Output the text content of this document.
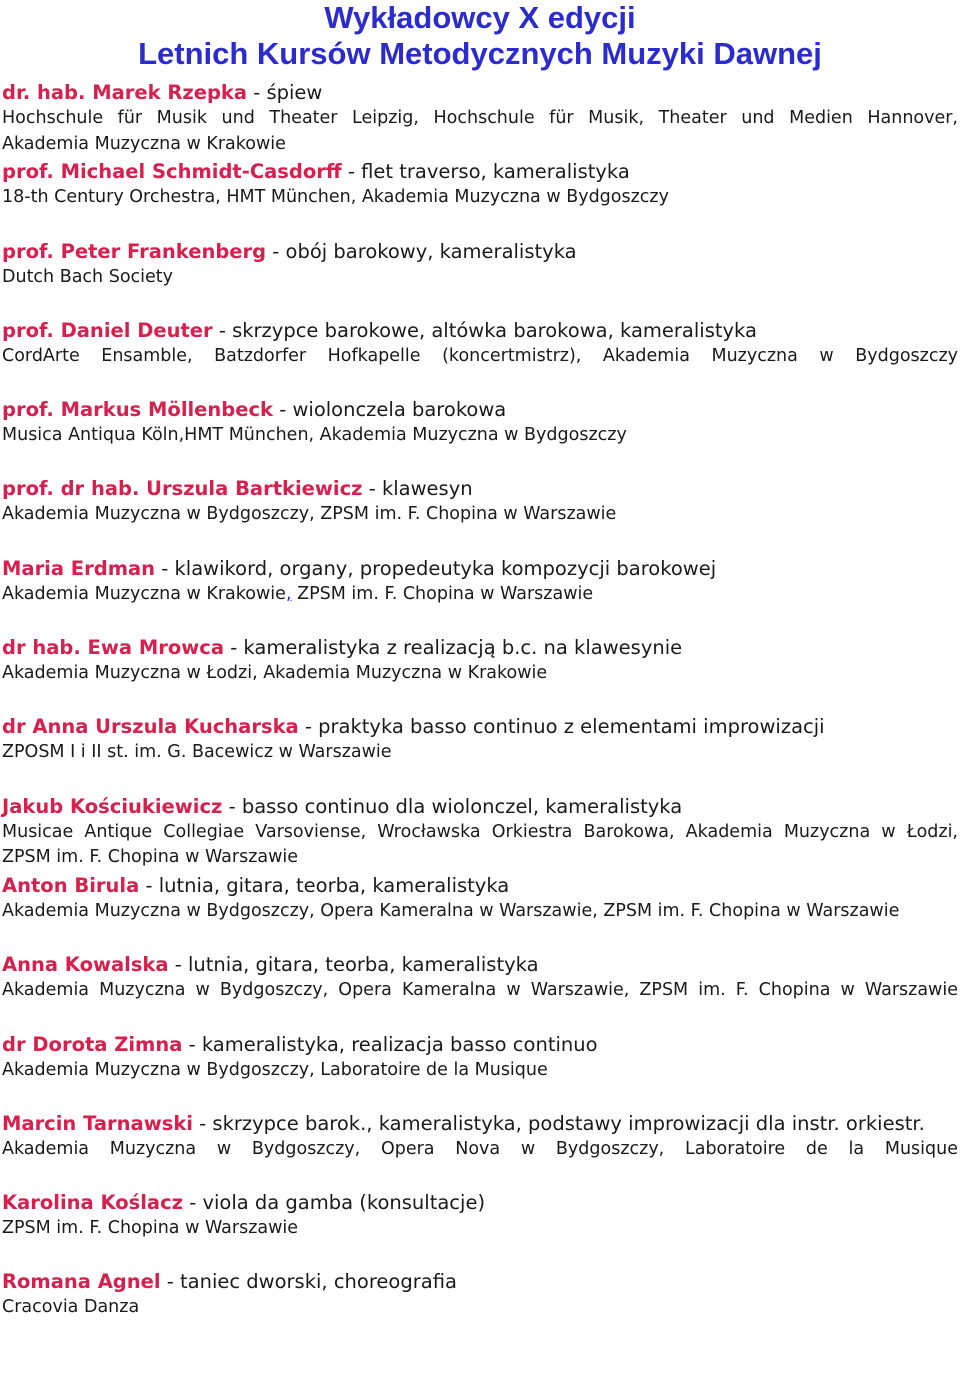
Wykładowcy X edycji
Letnich Kursów Metodycznych Muzyki Dawnej
dr. hab. Marek Rzepka - śpiew
Hochschule für Musik und Theater Leipzig, Hochschule für Musik, Theater und Medien Hannover,
Akademia Muzyczna w Krakowie
prof. Michael Schmidt-Casdorff - flet traverso, kameralistyka
18-th Century Orchestra, HMT München, Akademia Muzyczna w Bydgoszczy
prof. Peter Frankenberg - obój barokowy, kameralistyka
Dutch Bach Society
prof. Daniel Deuter - skrzypce barokowe, altówka barokowa, kameralistyka
CordArte Ensamble, Batzdorfer Hofkapelle (koncertmistrz), Akademia Muzyczna w Bydgoszczy
prof. Markus Möllenbeck - wiolonczela barokowa
Musica Antiqua Köln,HMT München, Akademia Muzyczna w Bydgoszczy
prof. dr hab. Urszula Bartkiewicz - klawesyn
Akademia Muzyczna w Bydgoszczy, ZPSM im. F. Chopina w Warszawie
Maria Erdman - klawikord, organy, propedeutyka kompozycji barokowej
Akademia Muzyczna w Krakowie, ZPSM im. F. Chopina w Warszawie
dr hab. Ewa Mrowca - kameralistyka z realizacją b.c. na klawesynie
Akademia Muzyczna w Łodzi, Akademia Muzyczna w Krakowie
dr Anna Urszula Kucharska - praktyka basso continuo z elementami improwizacji
ZPOSM I i II st. im. G. Bacewicz w Warszawie
Jakub Kościukiewicz - basso continuo dla wiolonczel, kameralistyka
Musicae Antique Collegiae Varsoviense, Wrocławska Orkiestra Barokowa, Akademia Muzyczna w Łodzi,
ZPSM im. F. Chopina w Warszawie
Anton Birula - lutnia, gitara, teorba, kameralistyka
Akademia Muzyczna w Bydgoszczy, Opera Kameralna w Warszawie, ZPSM im. F. Chopina w Warszawie
Anna Kowalska - lutnia, gitara, teorba, kameralistyka
Akademia Muzyczna w Bydgoszczy, Opera Kameralna w Warszawie, ZPSM im. F. Chopina w Warszawie
dr Dorota Zimna - kameralistyka, realizacja basso continuo
Akademia Muzyczna w Bydgoszczy, Laboratoire de la Musique
Marcin Tarnawski - skrzypce barok., kameralistyka, podstawy improwizacji dla instr. orkiestr.
Akademia Muzyczna w Bydgoszczy, Opera Nova w Bydgoszczy, Laboratoire de la Musique
Karolina Koślacz - viola da gamba (konsultacje)
ZPSM im. F. Chopina w Warszawie
Romana Agnel - taniec dworski, choreografia
Cracovia Danza
